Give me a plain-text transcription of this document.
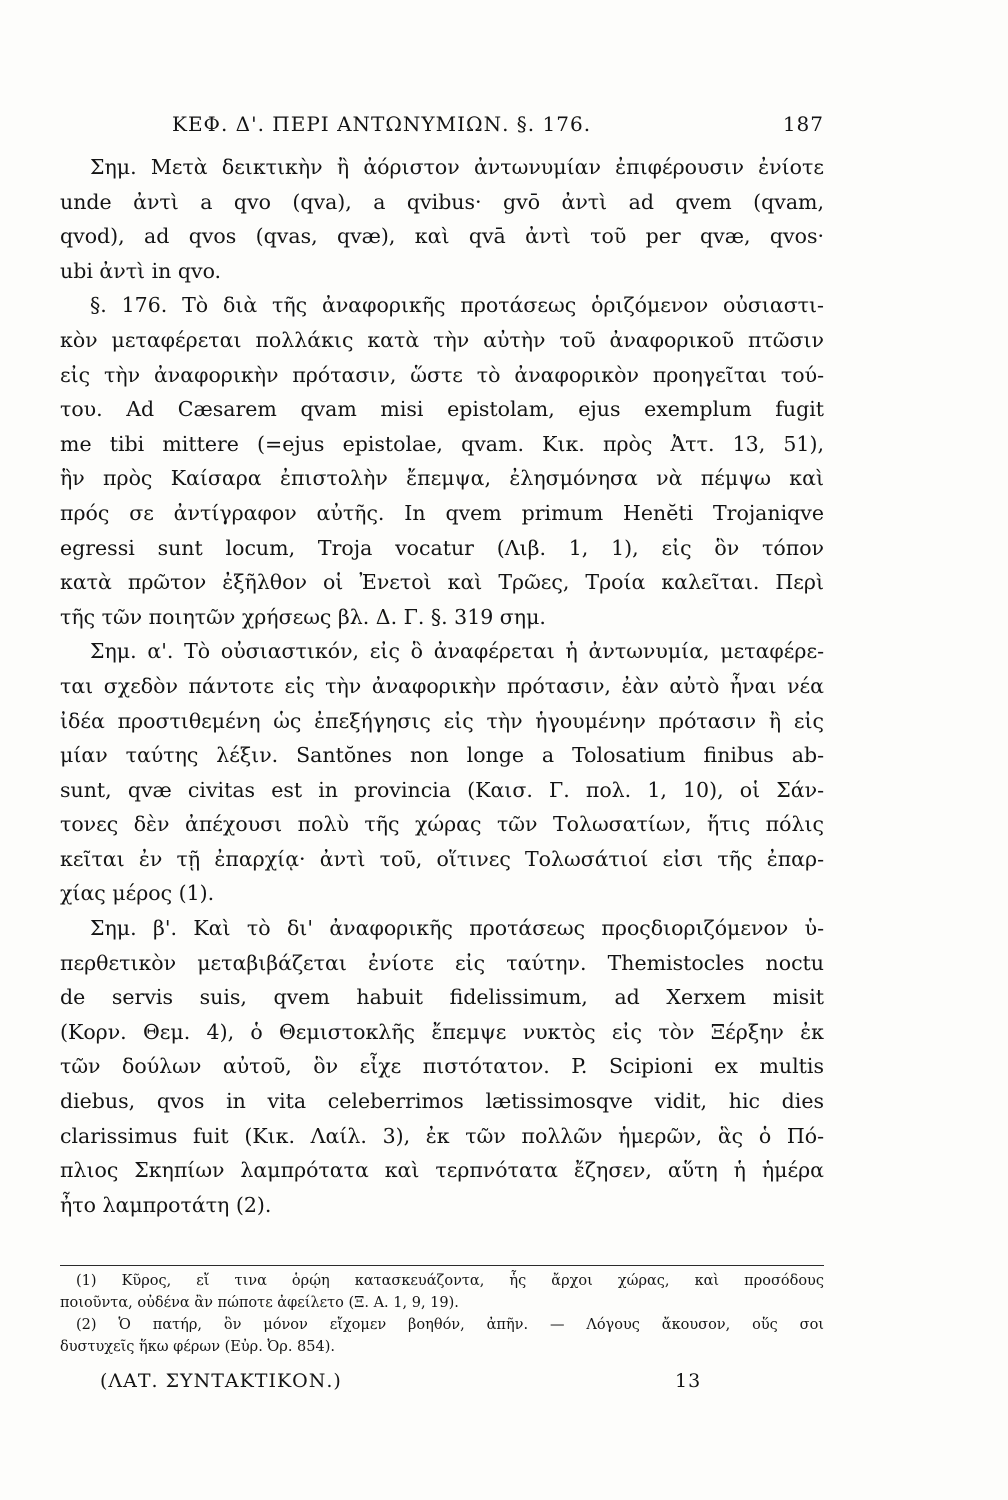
ΚΕΦ. Δ'. ΠΕΡΙ ΑΝΤΩΝΥΜΙΩΝ. §. 176.	187
Σημ. Μετὰ δεικτικὴν ἢ ἀόριστον ἀντωνυμίαν ἐπιφέρουσιν ἐνίοτε
unde ἀντὶ a qvo (qva), a qvibus· gvō ἀντὶ ad qvem (qvam,
qvod), ad qvos (qvas, qvæ), καὶ qvā ἀντὶ τοῦ per qvæ, qvos·
ubi ἀντὶ in qvo.
§. 176. Τὸ διὰ τῆς ἀναφορικῆς προτάσεως ὁριζόμενον οὐσιαστι-
κὸν μεταφέρεται πολλάκις κατὰ τὴν αὐτὴν τοῦ ἀναφορικοῦ πτῶσιν
εἰς τὴν ἀναφορικὴν πρότασιν, ὥστε τὸ ἀναφορικὸν προηγεῖται τού-
του. Ad Cæsarem qvam misi epistolam, ejus exemplum fugit
me tibi mittere (=ejus epistolae, qvam. Κικ. πρὸς Ἀττ. 13, 51),
ἣν πρὸς Καίσαρα ἐπιστολὴν ἔπεμψα, ἐλησμόνησα νὰ πέμψω καὶ
πρός σε ἀντίγραφον αὐτῆς. In qvem primum Henĕti Trojaniqve
egressi sunt locum, Troja vocatur (Λιβ. 1, 1), εἰς ὃν τόπον
κατὰ πρῶτον ἐξῆλθον οἱ Ἐνετοὶ καὶ Τρῶες, Τροία καλεῖται. Περὶ
τῆς τῶν ποιητῶν χρήσεως βλ. Δ. Γ. §. 319 σημ.
Σημ. α'. Τὸ οὐσιαστικόν, εἰς ὃ ἀναφέρεται ἡ ἀντωνυμία, μεταφέρε-
ται σχεδὸν πάντοτε εἰς τὴν ἀναφορικὴν πρότασιν, ἐὰν αὐτὸ ἦναι νέα
ἰδέα προστιθεμένη ὡς ἐπεξήγησις εἰς τὴν ἡγουμένην πρότασιν ἢ εἰς
μίαν ταύτης λέξιν. Santŏnes non longe a Tolosatium finibus ab-
sunt, qvæ civitas est in provincia (Καισ. Γ. πολ. 1, 10), οἱ Σάν-
τονες δὲν ἀπέχουσι πολὺ τῆς χώρας τῶν Τολωσατίων, ἥτις πόλις
κεῖται ἐν τῇ ἐπαρχίᾳ· ἀντὶ τοῦ, οἵτινες Τολωσάτιοί εἰσι τῆς ἐπαρ-
χίας μέρος (1).
Σημ. β'. Καὶ τὸ δι' ἀναφορικῆς προτάσεως προςδιοριζόμενον ὑ-
περθετικὸν μεταβιβάζεται ἐνίοτε εἰς ταύτην. Themistocles noctu
de servis suis, qvem habuit fidelissimum, ad Xerxem misit
(Κορν. Θεμ. 4), ὁ Θεμιστοκλῆς ἔπεμψε νυκτὸς εἰς τὸν Ξέρξην ἐκ
τῶν δούλων αὐτοῦ, ὃν εἶχε πιστότατον. P. Scipioni ex multis
diebus, qvos in vita celeberrimos lætissimosqve vidit, hic dies
clarissimus fuit (Κικ. Λαίλ. 3), ἐκ τῶν πολλῶν ἡμερῶν, ἃς ὁ Πό-
πλιος Σκηπίων λαμπρότατα καὶ τερπνότατα ἔζησεν, αὕτη ἡ ἡμέρα
ἦτο λαμπροτάτη (2).
(1) Κῦρος, εἴ τινα ὁρῴη κατασκευάζοντα, ἧς ἄρχοι χώρας, καὶ προσόδους
ποιοῦντα, οὐδένα ἂν πώποτε ἀφείλετο (Ξ. Α. 1, 9, 19).
(2) Ὁ πατήρ, ὃν μόνον εἴχομεν βοηθόν, ἀπῆν. — Λόγους ἄκουσον, οὕς σοι
δυστυχεῖς ἥκω φέρων (Εὐρ. Ὀρ. 854).
(ΛΑΤ. ΣΥΝΤΑΚΤΙΚΟΝ.)	13
